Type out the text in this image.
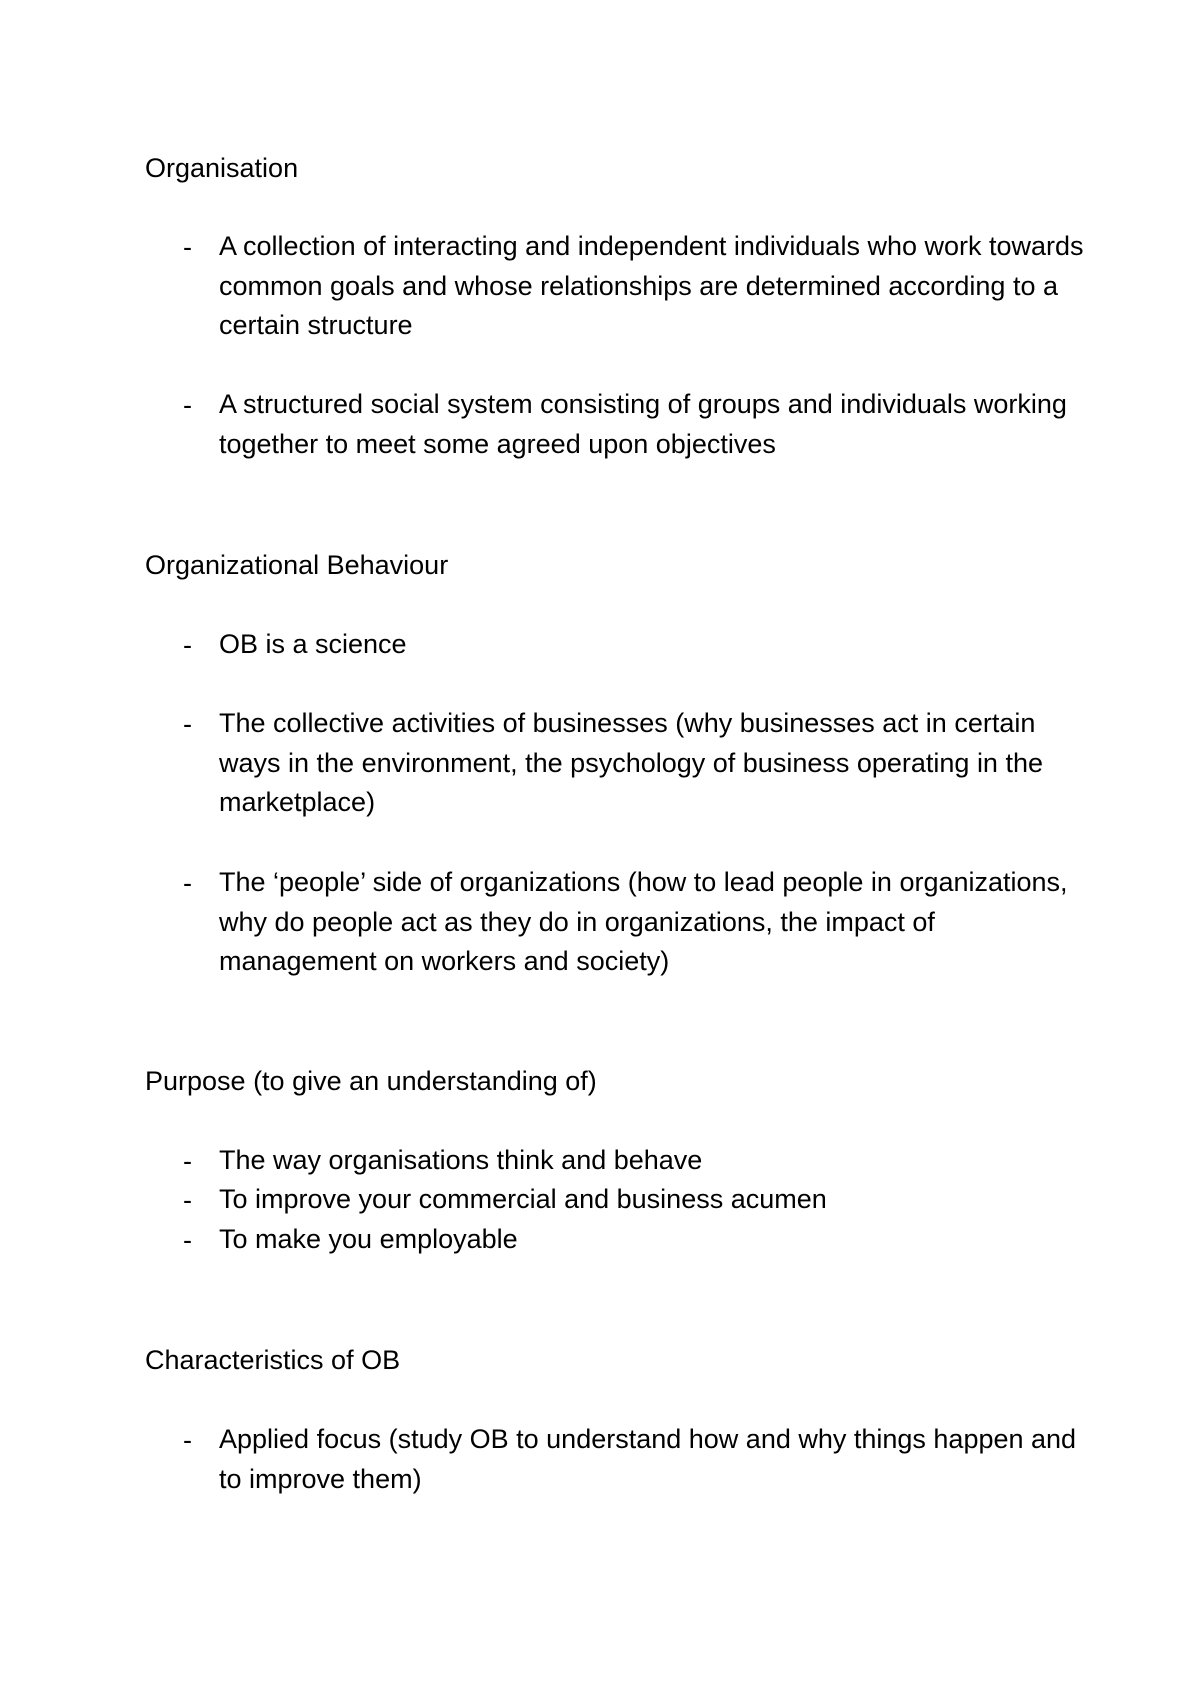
Organisation
- A collection of interacting and independent individuals who work towards common goals and whose relationships are determined according to a certain structure
- A structured social system consisting of groups and individuals working together to meet some agreed upon objectives
Organizational Behaviour
- OB is a science
- The collective activities of businesses (why businesses act in certain ways in the environment, the psychology of business operating in the marketplace)
- The ‘people’ side of organizations (how to lead people in organizations, why do people act as they do in organizations, the impact of management on workers and society)
Purpose (to give an understanding of)
- The way organisations think and behave
- To improve your commercial and business acumen
- To make you employable
Characteristics of OB
- Applied focus (study OB to understand how and why things happen and to improve them)
